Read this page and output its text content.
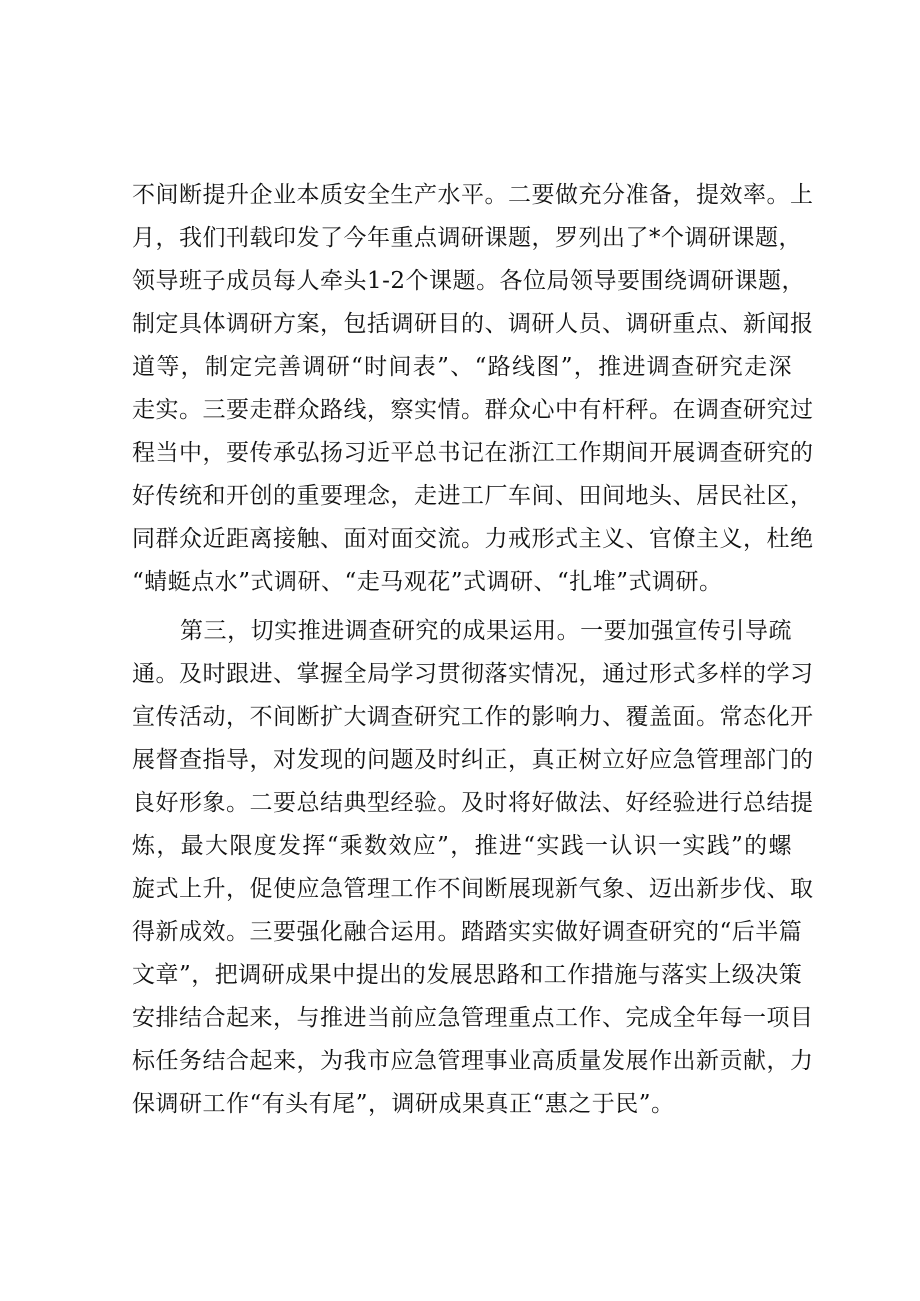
不间断提升企业本质安全生产水平。二要做充分准备，提效率。上
月，我们刊载印发了今年重点调研课题，罗列出了*个调研课题，
领导班子成员每人牵头1-2个课题。各位局领导要围绕调研课题，
制定具体调研方案，包括调研目的、调研人员、调研重点、新闻报
道等，制定完善调研“时间表”、“路线图”，推进调查研究走深
走实。三要走群众路线，察实情。群众心中有杆秤。在调查研究过
程当中，要传承弘扬习近平总书记在浙江工作期间开展调查研究的
好传统和开创的重要理念，走进工厂车间、田间地头、居民社区，
同群众近距离接触、面对面交流。力戒形式主义、官僚主义，杜绝
“蜻蜓点水”式调研、“走马观花”式调研、“扎堆”式调研。
第三，切实推进调查研究的成果运用。一要加强宣传引导疏
通。及时跟进、掌握全局学习贯彻落实情况，通过形式多样的学习
宣传活动，不间断扩大调查研究工作的影响力、覆盖面。常态化开
展督查指导，对发现的问题及时纠正，真正树立好应急管理部门的
良好形象。二要总结典型经验。及时将好做法、好经验进行总结提
炼，最大限度发挥“乘数效应”，推进“实践一认识一实践”的螺
旋式上升，促使应急管理工作不间断展现新气象、迈出新步伐、取
得新成效。三要强化融合运用。踏踏实实做好调查研究的“后半篇
文章”，把调研成果中提出的发展思路和工作措施与落实上级决策
安排结合起来，与推进当前应急管理重点工作、完成全年每一项目
标任务结合起来，为我市应急管理事业高质量发展作出新贡献，力
保调研工作“有头有尾”，调研成果真正“惠之于民”。
